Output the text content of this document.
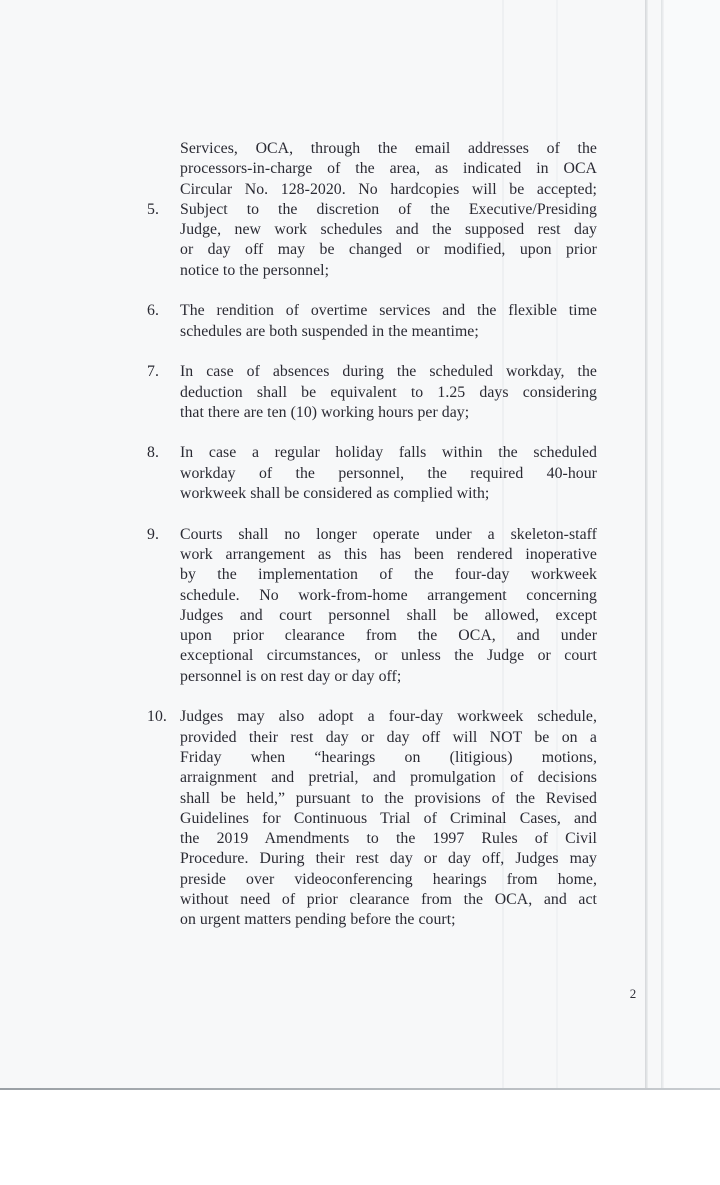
Services, OCA, through the email addresses of the
processors-in-charge of the area, as indicated in OCA
Circular No. 128-2020. No hardcopies will be accepted;
5.	Subject to the discretion of the Executive/Presiding
Judge, new work schedules and the supposed rest day
or day off may be changed or modified, upon prior
notice to the personnel;
6.	The rendition of overtime services and the flexible time
schedules are both suspended in the meantime;
7.	In case of absences during the scheduled workday, the
deduction shall be equivalent to 1.25 days considering
that there are ten (10) working hours per day;
8.	In case a regular holiday falls within the scheduled
workday of the personnel, the required 40-hour
workweek shall be considered as complied with;
9.	Courts shall no longer operate under a skeleton-staff
work arrangement as this has been rendered inoperative
by the implementation of the four-day workweek
schedule. No work-from-home arrangement concerning
Judges and court personnel shall be allowed, except
upon prior clearance from the OCA, and under
exceptional circumstances, or unless the Judge or court
personnel is on rest day or day off;
10. Judges may also adopt a four-day workweek schedule,
provided their rest day or day off will NOT be on a
Friday when “hearings on (litigious) motions,
arraignment and pretrial, and promulgation of decisions
shall be held,” pursuant to the provisions of the Revised
Guidelines for Continuous Trial of Criminal Cases, and
the 2019 Amendments to the 1997 Rules of Civil
Procedure. During their rest day or day off, Judges may
preside over videoconferencing hearings from home,
without need of prior clearance from the OCA, and act
on urgent matters pending before the court;
2
